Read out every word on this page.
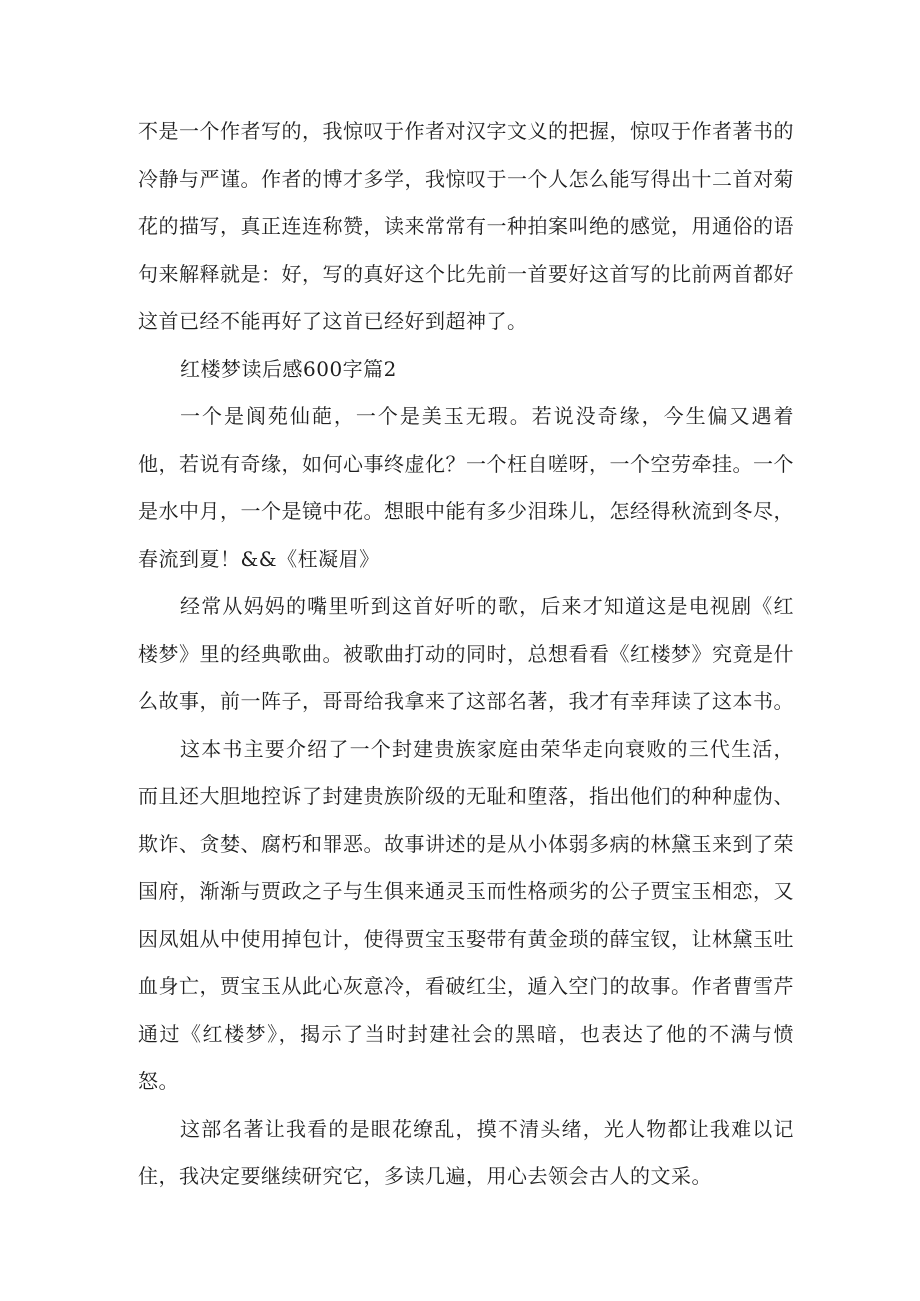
不是一个作者写的，我惊叹于作者对汉字文义的把握，惊叹于作者著书的冷静与严谨。作者的博才多学，我惊叹于一个人怎么能写得出十二首对菊花的描写，真正连连称赞，读来常常有一种拍案叫绝的感觉，用通俗的语句来解释就是：好，写的真好这个比先前一首要好这首写的比前两首都好这首已经不能再好了这首已经好到超神了。

红楼梦读后感600字篇2

一个是阆苑仙葩，一个是美玉无瑕。若说没奇缘，今生偏又遇着他，若说有奇缘，如何心事终虚化？一个枉自嗟呀，一个空劳牵挂。一个是水中月，一个是镜中花。想眼中能有多少泪珠儿，怎经得秋流到冬尽，春流到夏！&&《枉凝眉》

经常从妈妈的嘴里听到这首好听的歌，后来才知道这是电视剧《红楼梦》里的经典歌曲。被歌曲打动的同时，总想看看《红楼梦》究竟是什么故事，前一阵子，哥哥给我拿来了这部名著，我才有幸拜读了这本书。

这本书主要介绍了一个封建贵族家庭由荣华走向衰败的三代生活，而且还大胆地控诉了封建贵族阶级的无耻和堕落，指出他们的种种虚伪、欺诈、贪婪、腐朽和罪恶。故事讲述的是从小体弱多病的林黛玉来到了荣国府，渐渐与贾政之子与生俱来通灵玉而性格顽劣的公子贾宝玉相恋，又因凤姐从中使用掉包计，使得贾宝玉娶带有黄金琐的薛宝钗，让林黛玉吐血身亡，贾宝玉从此心灰意冷，看破红尘，遁入空门的故事。作者曹雪芹通过《红楼梦》，揭示了当时封建社会的黑暗，也表达了他的不满与愤怒。

这部名著让我看的是眼花缭乱，摸不清头绪，光人物都让我难以记住，我决定要继续研究它，多读几遍，用心去领会古人的文采。
